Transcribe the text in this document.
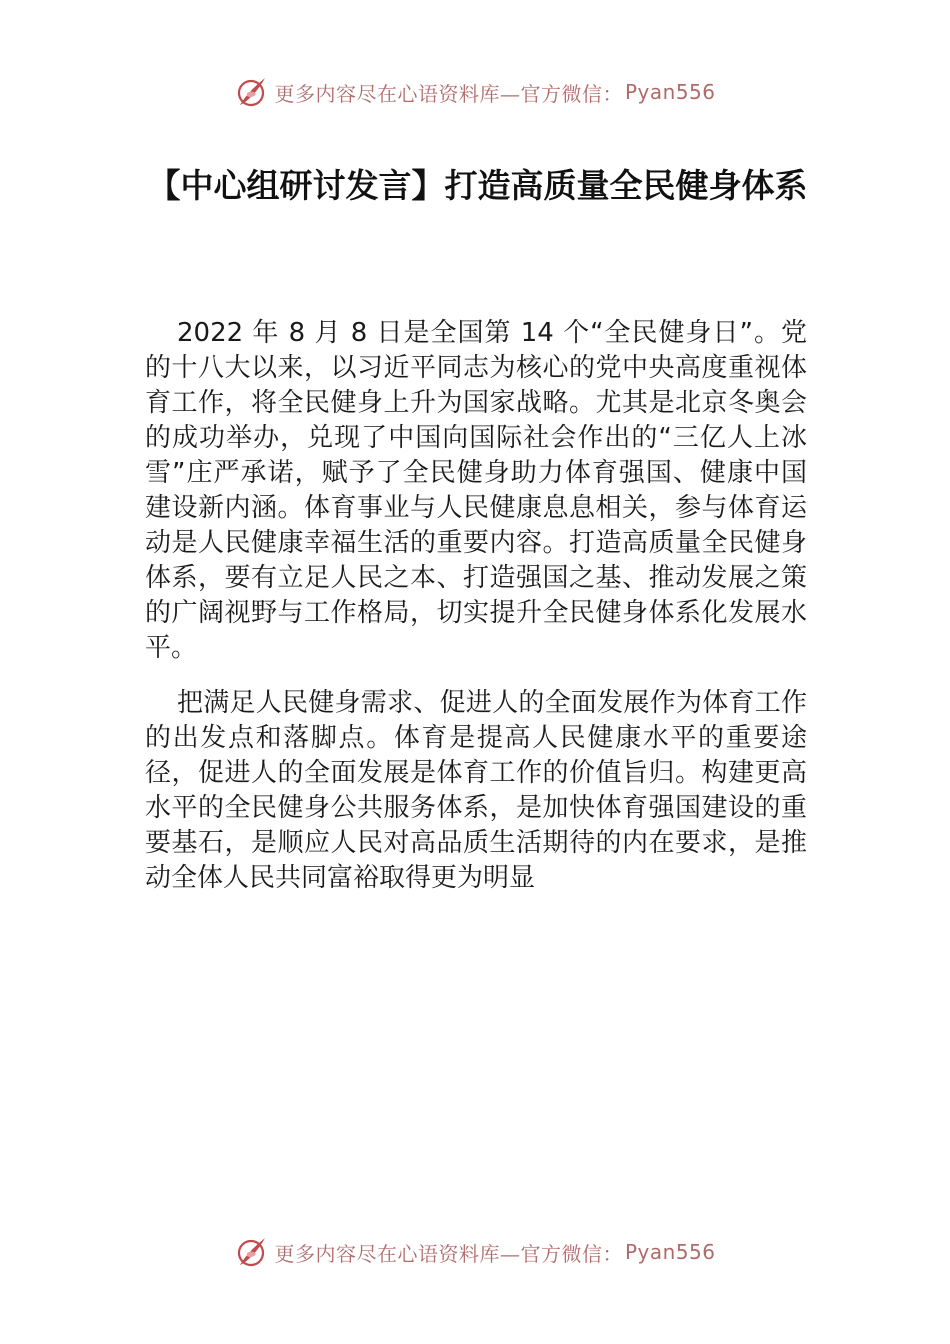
更多内容尽在心语资料库—官方微信： Pyan556
【中心组研讨发言】打造高质量全民健身体系

2022 年 8 月 8 日是全国第 14 个“全民健身日”。党的十八大以来，以习近平同志为核心的党中央高度重视体育工作，将全民健身上升为国家战略。尤其是北京冬奥会的成功举办，兑现了中国向国际社会作出的“三亿人上冰雪”庄严承诺，赋予了全民健身助力体育强国、健康中国建设新内涵。体育事业与人民健康息息相关，参与体育运动是人民健康幸福生活的重要内容。打造高质量全民健身体系，要有立足人民之本、打造强国之基、推动发展之策的广阔视野与工作格局，切实提升全民健身体系化发展水平。

把满足人民健身需求、促进人的全面发展作为体育工作的出发点和落脚点。体育是提高人民健康水平的重要途径，促进人的全面发展是体育工作的价值旨归。构建更高水平的全民健身公共服务体系，是加快体育强国建设的重要基石，是顺应人民对高品质生活期待的内在要求，是推动全体人民共同富裕取得更为明显

更多内容尽在心语资料库—官方微信： Pyan556
